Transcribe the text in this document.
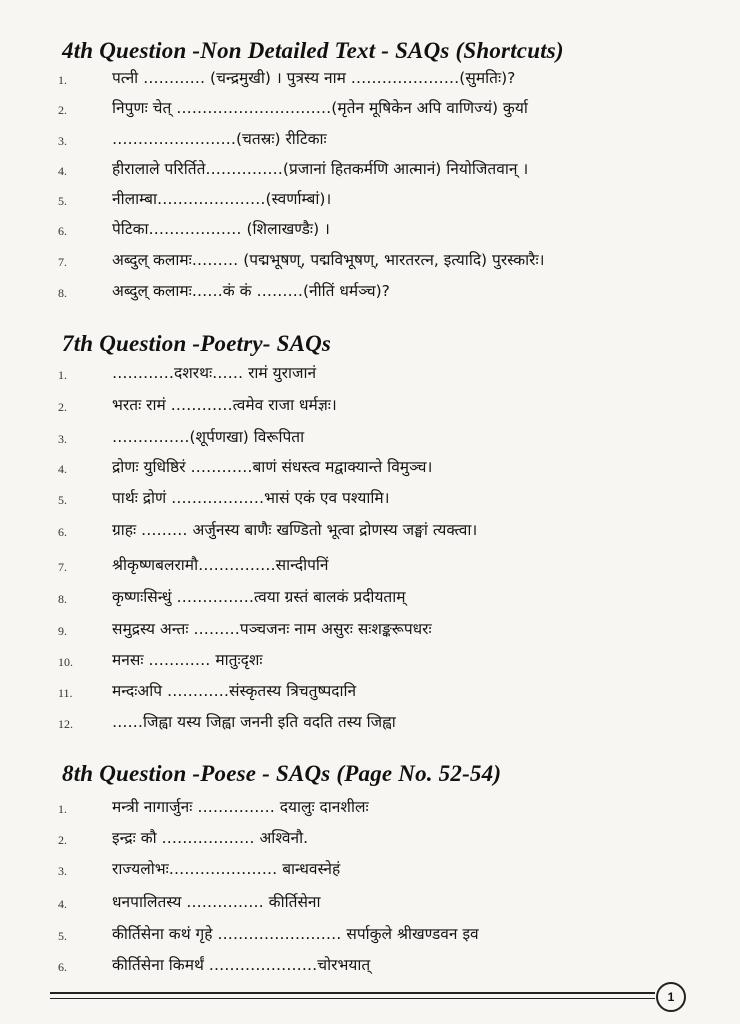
4th Question -Non Detailed Text - SAQs (Shortcuts)
1.	पत्नी ………… (चन्द्रमुखी) । पुत्रस्य नाम …………………(सुमतिः)?
2.	निपुणः चेत् …………………………(मृतेन मूषिकेन अपि वाणिज्यं) कुर्या
3.	……………………(चतस्रः) रीटिकाः
4.	हीरालाले परिर्तिते……………(प्रजानां हितकर्मणि आत्मानं) नियोजितवान् ।
5.	नीलाम्बा…………………(स्वर्णाम्बां)।
6.	पेटिका……………… (शिलाखण्डैः) ।
7.	अब्दुल् कलामः……… (पद्मभूषण्, पद्मविभूषण्, भारतरत्न, इत्यादि) पुरस्कारैः।
8.	अब्दुल् कलामः……कं कं ………(नीतिं धर्मञ्च)?
7th Question -Poetry- SAQs
1.	…………दशरथः…… रामं युराजानं
2.	भरतः रामं …………त्वमेव राजा धर्मज्ञः।
3.	……………(शूर्पणखा) विरूपिता
4.	द्रोणः युधिष्ठिरं …………बाणं संधस्त्व मद्वाक्यान्ते विमुञ्च।
5.	पार्थः द्रोणं ………………भासं एकं एव पश्यामि।
6.	ग्राहः ……… अर्जुनस्य बाणैः खण्डितो भूत्वा द्रोणस्य जङ्घां त्यक्त्वा।
7.	श्रीकृष्णबलरामौ……………सान्दीपनिं
8.	कृष्णःसिन्धुं ……………त्वया ग्रस्तं बालकं प्रदीयताम्
9.	समुद्रस्य अन्तः ………पञ्चजनः नाम असुरः सःशङ्करूपधरः
10.	मनसः ………… मातुःदृशः
11.	मन्दःअपि …………संस्कृतस्य त्रिचतुष्पदानि
12.	……जिह्वा यस्य जिह्वा जननी इति वदति तस्य जिह्वा
8th Question -Poese - SAQs (Page No. 52-54)
1.	मन्त्री नागार्जुनः …………… दयालुः दानशीलः
2.	इन्द्रः कौ ……………… अश्विनौ.
3.	राज्यलोभः………………… बान्धवस्नेहं
4.	धनपालितस्य …………… कीर्तिसेना
5.	कीर्तिसेना कथं गृहे …………………… सर्पाकुले श्रीखण्डवन इव
6.	कीर्तिसेना किमर्थं …………………चोरभयात्
1
